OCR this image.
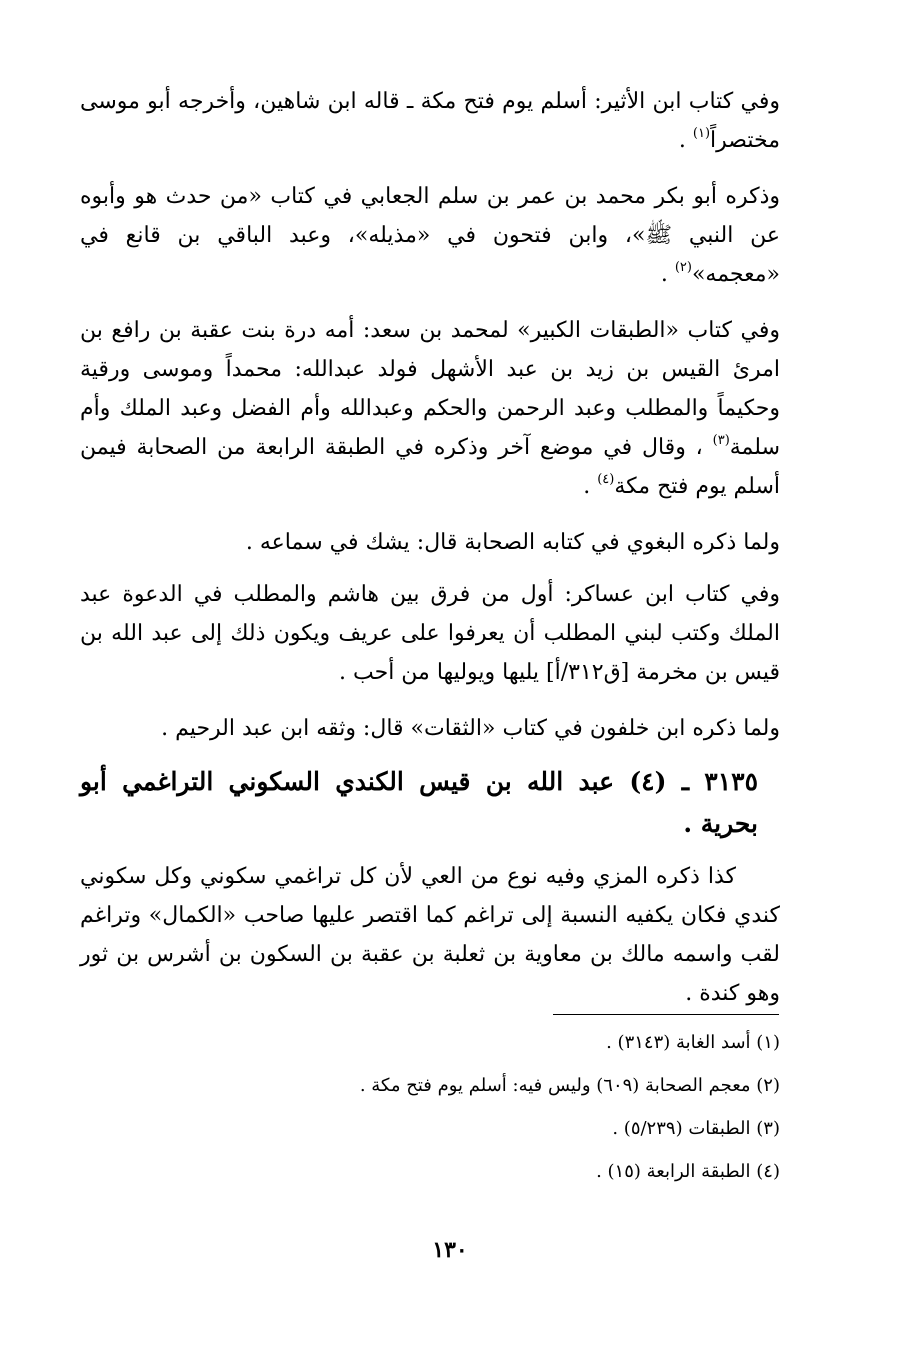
وفي كتاب ابن الأثير: أسلم يوم فتح مكة ـ قاله ابن شاهين، وأخرجه أبو موسى مختصراً$^{(١)}$ .

وذكره أبو بكر محمد بن عمر بن سلم الجعابي في كتاب «من حدث هو وأبوه عن النبي ﷺ»، وابن فتحون في «مذيله»، وعبد الباقي بن قانع في «معجمه»$^{(٢)}$ .

وفي كتاب «الطبقات الكبير» لمحمد بن سعد: أمه درة بنت عقبة بن رافع بن امرئ القيس بن زيد بن عبد الأشهل فولد عبدالله: محمداً وموسى ورقية وحكيماً والمطلب وعبد الرحمن والحكم وعبدالله وأم الفضل وعبد الملك وأم سلمة$^{(٣)}$ ، وقال في موضع آخر وذكره في الطبقة الرابعة من الصحابة فيمن أسلم يوم فتح مكة$^{(٤)}$ .

ولما ذكره البغوي في كتابه الصحابة قال: يشك في سماعه .

وفي كتاب ابن عساكر: أول من فرق بين هاشم والمطلب في الدعوة عبد الملك وكتب لبني المطلب أن يعرفوا على عريف ويكون ذلك إلى عبد الله بن قيس بن مخرمة [ق٣١٢/أ] يليها ويوليها من أحب .

ولما ذكره ابن خلفون في كتاب «الثقات» قال: وثقه ابن عبد الرحيم .

٣١٣٥ ـ (٤) عبد الله بن قيس الكندي السكوني التراغمي أبو بحرية .

كذا ذكره المزي وفيه نوع من العي لأن كل تراغمي سكوني وكل سكوني كندي فكان يكفيه النسبة إلى تراغم كما اقتصر عليها صاحب «الكمال» وتراغم لقب واسمه مالك بن معاوية بن ثعلبة بن عقبة بن السكون بن أشرس بن ثور وهو كندة .

(١) أسد الغابة (٣١٤٣) .

(٢) معجم الصحابة (٦٠٩) وليس فيه: أسلم يوم فتح مكة .

(٣) الطبقات (٥/٢٣٩) .

(٤) الطبقة الرابعة (١٥) .

١٣٠
